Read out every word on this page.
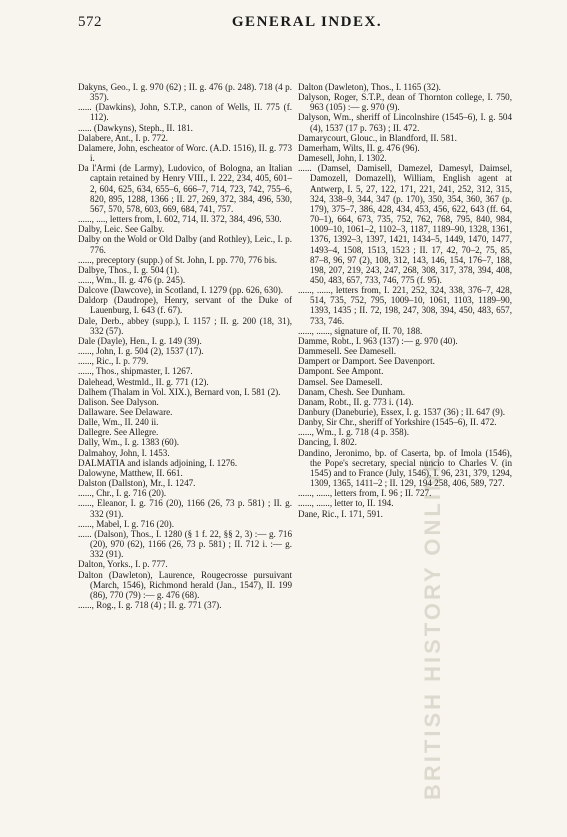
BRITISH HISTORY ONLINE
572	GENERAL INDEX.
Dakyns, Geo., I. g. 970 (62) ; II. g. 476 (p. 248). 718 (4 p. 357).
...... (Dawkins), John, S.T.P., canon of Wells, II. 775 (f. 112).
...... (Dawkyns), Steph., II. 181.
Dalabere, Ant., I. p. 772.
Dalamere, John, escheator of Worc. (A.D. 1516), II. g. 773 i.
Da l'Armi (de Larmy), Ludovico, of Bologna, an Italian captain retained by Henry VIII., I. 222, 234, 405, 601–2, 604, 625, 634, 655–6, 666–7, 714, 723, 742, 755–6, 820, 895, 1288, 1366 ; II. 27, 269, 372, 384, 496, 530, 567, 570, 578, 603, 669, 684, 741, 757.
......, ...., letters from, I. 602, 714, II. 372, 384, 496, 530.
Dalby, Leic. See Galby.
Dalby on the Wold or Old Dalby (and Rothley), Leic., I. p. 776.
......, preceptory (supp.) of St. John, I. pp. 770, 776 bis.
Dalbye, Thos., I. g. 504 (1).
......, Wm., II. g. 476 (p. 245).
Dalcove (Dawcove), in Scotland, I. 1279 (pp. 626, 630).
Daldorp (Daudrope), Henry, servant of the Duke of Lauenburg, I. 643 (f. 67).
Dale, Derb., abbey (supp.), I. 1157 ; II. g. 200 (18, 31), 332 (57).
Dale (Dayle), Hen., I. g. 149 (39).
......, John, I. g. 504 (2), 1537 (17).
......, Ric., I. p. 779.
......, Thos., shipmaster, I. 1267.
Dalehead, Westmld., II. g. 771 (12).
Dalhem (Thalam in Vol. XIX.), Bernard von, I. 581 (2).
Dalison. See Dalyson.
Dallaware. See Delaware.
Dalle, Wm., II. 240 ii.
Dallegre. See Allegre.
Dally, Wm., I. g. 1383 (60).
Dalmahoy, John, I. 1453.
DALMATIA and islands adjoining, I. 1276.
Dalowyne, Matthew, II. 661.
Dalston (Dallston), Mr., I. 1247.
......, Chr., I. g. 716 (20).
......, Eleanor, I. g. 716 (20), 1166 (26, 73 p. 581) ; II. g. 332 (91).
......, Mabel, I. g. 716 (20).
...... (Dalson), Thos., I. 1280 (§ 1 f. 22, §§ 2, 3) :— g. 716 (20), 970 (62), 1166 (26, 73 p. 581) ; II. 712 i. :— g. 332 (91).
Dalton, Yorks., I. p. 777.
Dalton (Dawleton), Laurence, Rougecrosse pursuivant (March, 1546), Richmond herald (Jan., 1547), II. 199 (86), 770 (79) :— g. 476 (68).
......, Rog., I. g. 718 (4) ; II. g. 771 (37).
Dalton (Dawleton), Thos., I. 1165 (32).
Dalyson, Roger, S.T.P., dean of Thornton college, I. 750, 963 (105) :— g. 970 (9).
Dalyson, Wm., sheriff of Lincolnshire (1545–6), I. g. 504 (4), 1537 (17 p. 763) ; II. 472.
Damarycourt, Glouc., in Blandford, II. 581.
Damerham, Wilts, II. g. 476 (96).
Damesell, John, I. 1302.
...... (Damsel, Damisell, Damezel, Damesyl, Daimsel, Damozell, Domazell), William, English agent at Antwerp, I. 5, 27, 122, 171, 221, 241, 252, 312, 315, 324, 338–9, 344, 347 (p. 170), 350, 354, 360, 367 (p. 179), 375–7, 386, 428, 434, 453, 456, 622, 643 (ff. 64, 70–1), 664, 673, 735, 752, 762, 768, 795, 840, 984, 1009–10, 1061–2, 1102–3, 1187, 1189–90, 1328, 1361, 1376, 1392–3, 1397, 1421, 1434–5, 1449, 1470, 1477, 1493–4, 1508, 1513, 1523 ; II. 17, 42, 70–2, 75, 85, 87–8, 96, 97 (2), 108, 312, 143, 146, 154, 176–7, 188, 198, 207, 219, 243, 247, 268, 308, 317, 378, 394, 408, 450, 483, 657, 733, 746, 775 (f. 95).
......, ......, letters from, I. 221, 252, 324, 338, 376–7, 428, 514, 735, 752, 795, 1009–10, 1061, 1103, 1189–90, 1393, 1435 ; II. 72, 198, 247, 308, 394, 450, 483, 657, 733, 746.
......, ......, signature of, II. 70, 188.
Damme, Robt., I. 963 (137) :— g. 970 (40).
Dammesell. See Damesell.
Dampert or Damport. See Davenport.
Dampont. See Ampont.
Damsel. See Damesell.
Danam, Chesh. See Dunham.
Danam, Robt., II. g. 773 i. (14).
Danbury (Daneburie), Essex, I. g. 1537 (36) ; II. 647 (9).
Danby, Sir Chr., sheriff of Yorkshire (1545–6), II. 472.
......, Wm., I. g. 718 (4 p. 358).
Dancing, I. 802.
Dandino, Jeronimo, bp. of Caserta, bp. of Imola (1546), the Pope's secretary, special nuncio to Charles V. (in 1545) and to France (July, 1546), I. 96, 231, 379, 1294, 1309, 1365, 1411–2 ; II. 129, 194 258, 406, 589, 727.
......, ......, letters from, I. 96 ; II. 727.
......, ......, letter to, II. 194.
Dane, Ric., I. 171, 591.
